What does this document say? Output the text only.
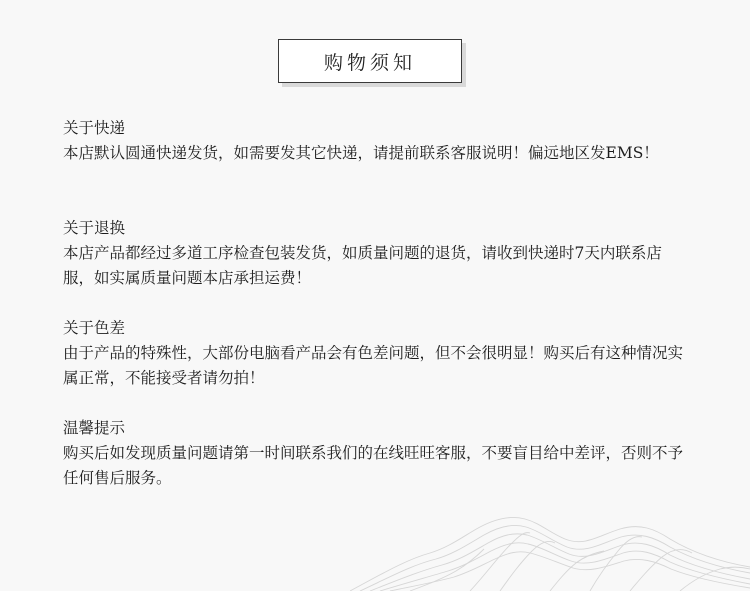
购物须知
关于快递
本店默认圆通快递发货，如需要发其它快递，请提前联系客服说明！偏远地区发EMS！
关于退换
本店产品都经过多道工序检查包装发货，如质量问题的退货，请收到快递时7天内联系店服，如实属质量问题本店承担运费！
关于色差
由于产品的特殊性，大部份电脑看产品会有色差问题，但不会很明显！购买后有这种情况实属正常，不能接受者请勿拍！
温馨提示
购买后如发现质量问题请第一时间联系我们的在线旺旺客服，不要盲目给中差评，否则不予任何售后服务。
